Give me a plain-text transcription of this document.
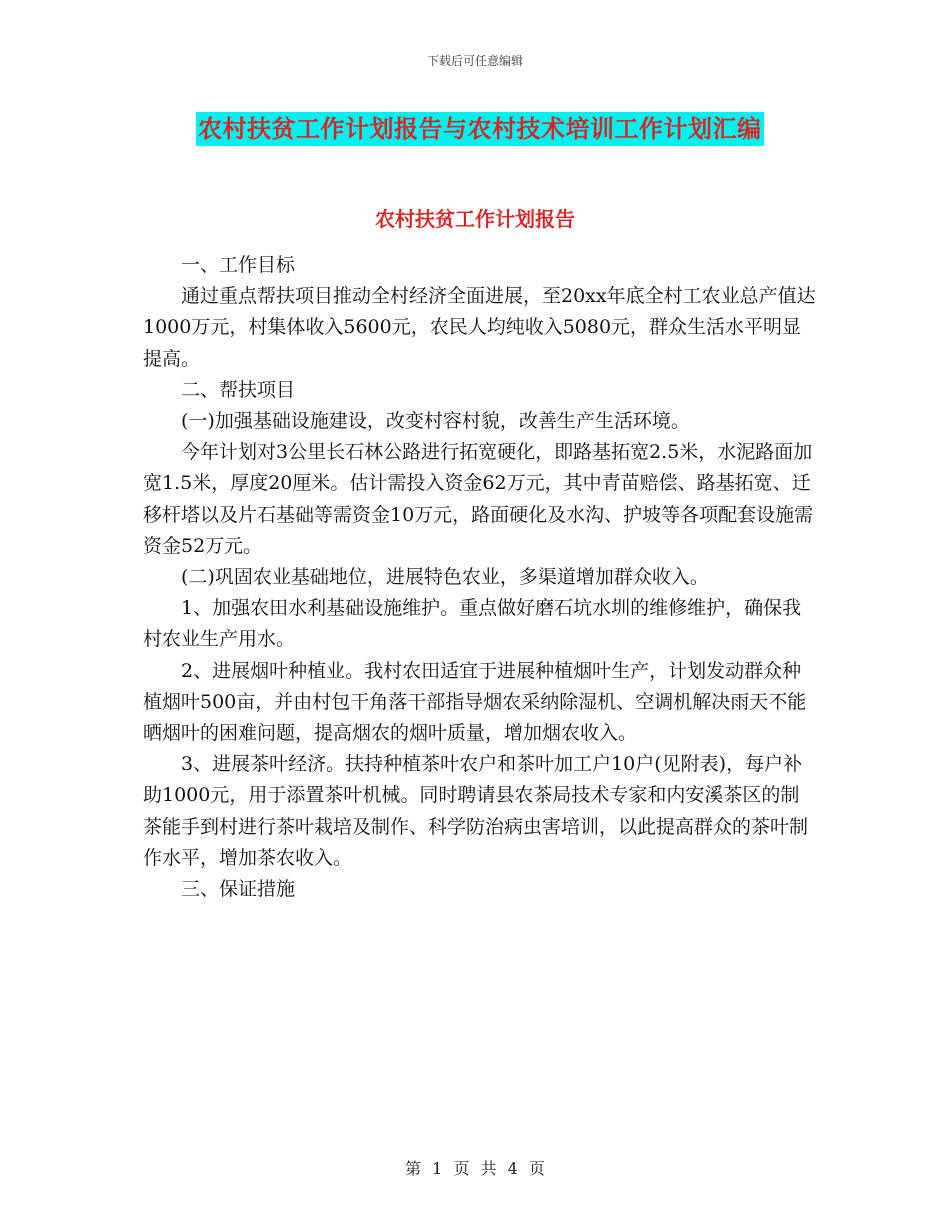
下载后可任意编辑
农村扶贫工作计划报告与农村技术培训工作计划汇编
农村扶贫工作计划报告

一、工作目标

通过重点帮扶项目推动全村经济全面进展，至20xx年底全村工农业总产值达1000万元，村集体收入5600元，农民人均纯收入5080元，群众生活水平明显提高。

二、帮扶项目

(一)加强基础设施建设，改变村容村貌，改善生产生活环境。

今年计划对3公里长石林公路进行拓宽硬化，即路基拓宽2.5米，水泥路面加宽1.5米，厚度20厘米。估计需投入资金62万元，其中青苗赔偿、路基拓宽、迁移杆塔以及片石基础等需资金10万元，路面硬化及水沟、护坡等各项配套设施需资金52万元。

(二)巩固农业基础地位，进展特色农业，多渠道增加群众收入。

1、加强农田水利基础设施维护。重点做好磨石坑水圳的维修维护，确保我村农业生产用水。

2、进展烟叶种植业。我村农田适宜于进展种植烟叶生产，计划发动群众种植烟叶500亩，并由村包干角落干部指导烟农采纳除湿机、空调机解决雨天不能晒烟叶的困难问题，提高烟农的烟叶质量，增加烟农收入。

3、进展茶叶经济。扶持种植茶叶农户和茶叶加工户10户(见附表)，每户补助1000元，用于添置茶叶机械。同时聘请县农茶局技术专家和内安溪茶区的制茶能手到村进行茶叶栽培及制作、科学防治病虫害培训，以此提高群众的茶叶制作水平，增加茶农收入。

三、保证措施

第 1 页 共 4 页
